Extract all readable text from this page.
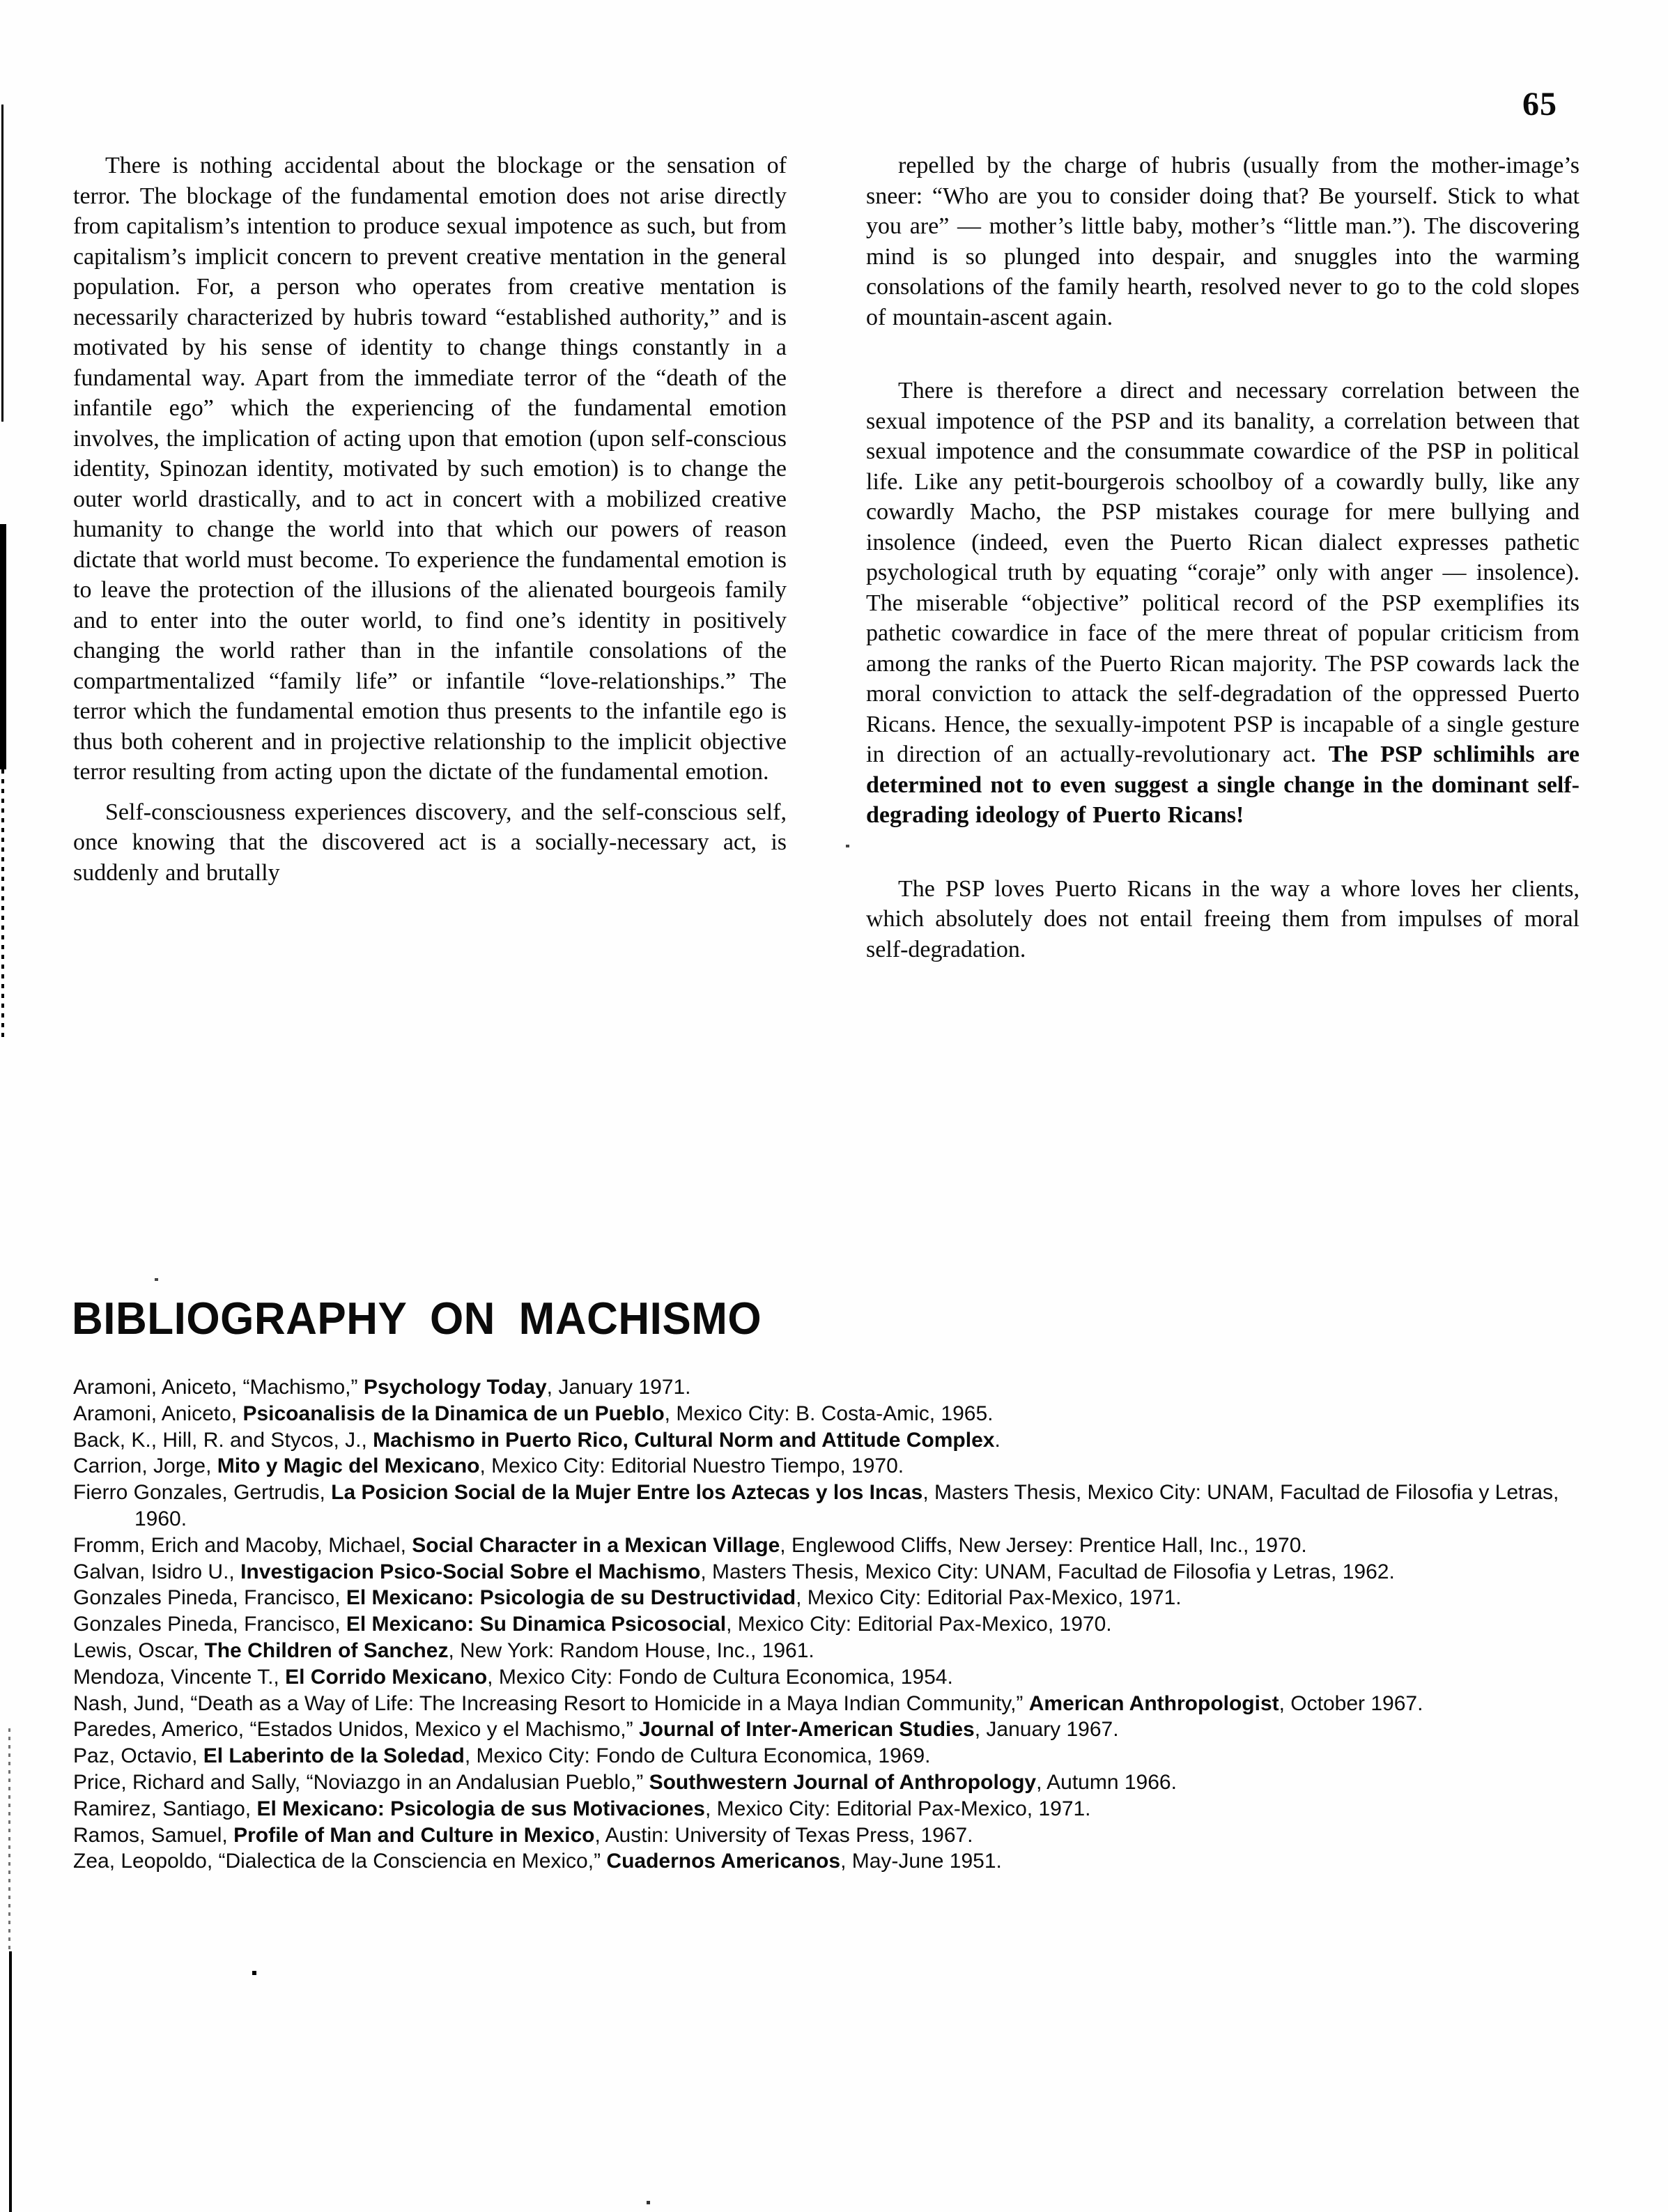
65

There is nothing accidental about the blockage or the sensation of terror. The blockage of the fundamental emotion does not arise directly from capitalism’s intention to produce sexual impotence as such, but from capitalism’s implicit concern to prevent creative mentation in the general population. For, a person who operates from creative mentation is necessarily characterized by hubris toward “established authority,” and is motivated by his sense of identity to change things constantly in a fundamental way. Apart from the immediate terror of the “death of the infantile ego” which the experiencing of the fundamental emotion involves, the implication of acting upon that emotion (upon self-conscious identity, Spinozan identity, motivated by such emotion) is to change the outer world drastically, and to act in concert with a mobilized creative humanity to change the world into that which our powers of reason dictate that world must become. To experience the fundamental emotion is to leave the protection of the illusions of the alienated bourgeois family and to enter into the outer world, to find one’s identity in positively changing the world rather than in the infantile consolations of the compartmentalized “family life” or infantile “love-relationships.” The terror which the fundamental emotion thus presents to the infantile ego is thus both coherent and in projective relationship to the implicit objective terror resulting from acting upon the dictate of the fundamental emotion.

Self-consciousness experiences discovery, and the self-conscious self, once knowing that the discovered act is a socially-necessary act, is suddenly and brutally

repelled by the charge of hubris (usually from the mother-image’s sneer: “Who are you to consider doing that? Be yourself. Stick to what you are” — mother’s little baby, mother’s “little man.”). The discovering mind is so plunged into despair, and snuggles into the warming consolations of the family hearth, resolved never to go to the cold slopes of mountain-ascent again.

There is therefore a direct and necessary correlation between the sexual impotence of the PSP and its banality, a correlation between that sexual impotence and the consummate cowardice of the PSP in political life. Like any petit-bourgerois schoolboy of a cowardly bully, like any cowardly Macho, the PSP mistakes courage for mere bullying and insolence (indeed, even the Puerto Rican dialect expresses pathetic psychological truth by equating “coraje” only with anger — insolence). The miserable “objective” political record of the PSP exemplifies its pathetic cowardice in face of the mere threat of popular criticism from among the ranks of the Puerto Rican majority. The PSP cowards lack the moral conviction to attack the self-degradation of the oppressed Puerto Ricans. Hence, the sexually-impotent PSP is incapable of a single gesture in direction of an actually-revolutionary act. The PSP schlimihls are determined not to even suggest a single change in the dominant self-degrading ideology of Puerto Ricans!

The PSP loves Puerto Ricans in the way a whore loves her clients, which absolutely does not entail freeing them from impulses of moral self-degradation.

BIBLIOGRAPHY ON MACHISMO
Aramoni, Aniceto, “Machismo,” Psychology Today, January 1971.
Aramoni, Aniceto, Psicoanalisis de la Dinamica de un Pueblo, Mexico City: B. Costa-Amic, 1965.
Back, K., Hill, R. and Stycos, J., Machismo in Puerto Rico, Cultural Norm and Attitude Complex.
Carrion, Jorge, Mito y Magic del Mexicano, Mexico City: Editorial Nuestro Tiempo, 1970.
Fierro Gonzales, Gertrudis, La Posicion Social de la Mujer Entre los Aztecas y los Incas, Masters Thesis, Mexico City: UNAM, Facultad de Filosofia y Letras, 1960.
Fromm, Erich and Macoby, Michael, Social Character in a Mexican Village, Englewood Cliffs, New Jersey: Prentice Hall, Inc., 1970.
Galvan, Isidro U., Investigacion Psico-Social Sobre el Machismo, Masters Thesis, Mexico City: UNAM, Facultad de Filosofia y Letras, 1962.
Gonzales Pineda, Francisco, El Mexicano: Psicologia de su Destructividad, Mexico City: Editorial Pax-Mexico, 1971.
Gonzales Pineda, Francisco, El Mexicano: Su Dinamica Psicosocial, Mexico City: Editorial Pax-Mexico, 1970.
Lewis, Oscar, The Children of Sanchez, New York: Random House, Inc., 1961.
Mendoza, Vincente T., El Corrido Mexicano, Mexico City: Fondo de Cultura Economica, 1954.
Nash, Jund, “Death as a Way of Life: The Increasing Resort to Homicide in a Maya Indian Community,” American Anthropologist, October 1967.
Paredes, Americo, “Estados Unidos, Mexico y el Machismo,” Journal of Inter-American Studies, January 1967.
Paz, Octavio, El Laberinto de la Soledad, Mexico City: Fondo de Cultura Economica, 1969.
Price, Richard and Sally, “Noviazgo in an Andalusian Pueblo,” Southwestern Journal of Anthropology, Autumn 1966.
Ramirez, Santiago, El Mexicano: Psicologia de sus Motivaciones, Mexico City: Editorial Pax-Mexico, 1971.
Ramos, Samuel, Profile of Man and Culture in Mexico, Austin: University of Texas Press, 1967.
Zea, Leopoldo, “Dialectica de la Consciencia en Mexico,” Cuadernos Americanos, May-June 1951.
